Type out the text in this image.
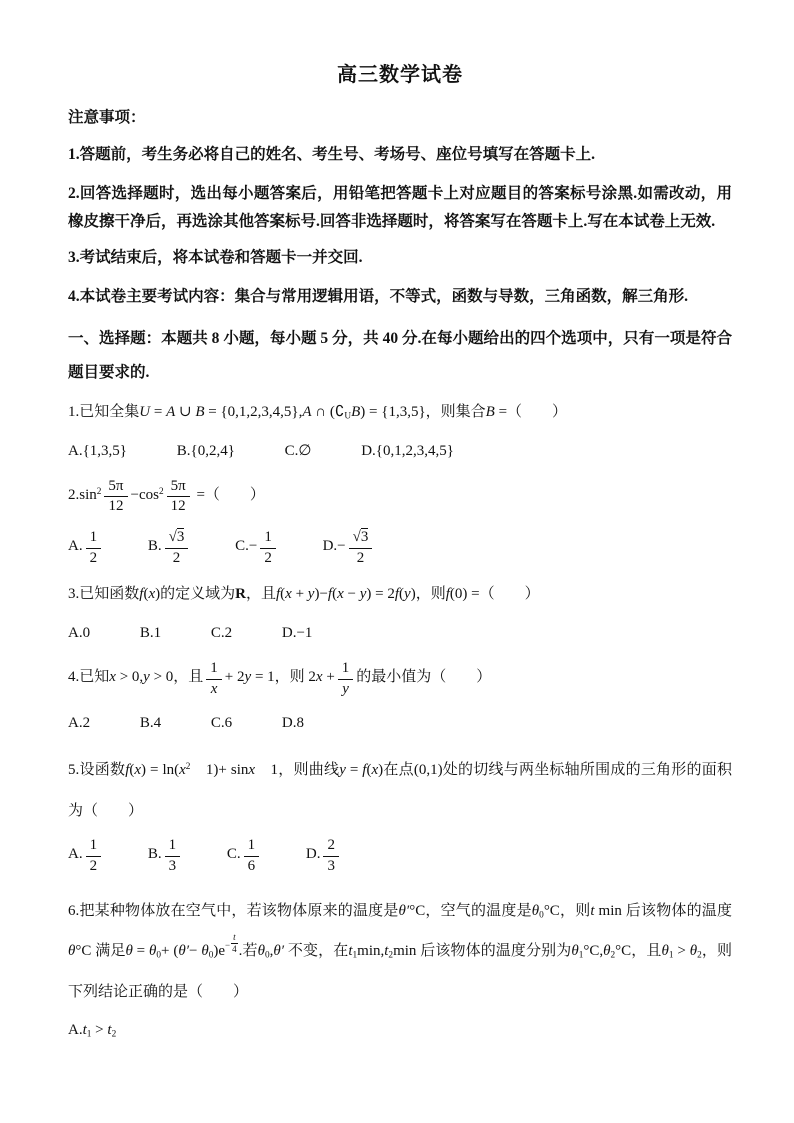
高三数学试卷

注意事项：

1.答题前，考生务必将自己的姓名、考生号、考场号、座位号填写在答题卡上.

2.回答选择题时，选出每小题答案后，用铅笔把答题卡上对应题目的答案标号涂黑.如需改动，用橡皮擦干净后，再选涂其他答案标号.回答非选择题时，将答案写在答题卡上.写在本试卷上无效.

3.考试结束后，将本试卷和答题卡一并交回.

4.本试卷主要考试内容：集合与常用逻辑用语，不等式，函数与导数，三角函数，解三角形.

一、选择题：本题共 8 小题，每小题 5 分，共 40 分.在每小题给出的四个选项中，只有一项是符合题目要求的.

1.已知全集U = A ∪ B = {0,1,2,3,4,5},A ∩ $(∁_UB) = \{1,3,5\}$，则集合B =（　　）

A.{1,3,5}	B.{0,2,4}	C.∅	D.{0,1,2,3,4,5}

$2.\sin^2 \frac{5\pi}{12} -\cos^2 \frac{5\pi}{12}$ =（　　）

A. $\frac{1}{2}$	B. $\frac{√3}{2}$	$C.- \frac{1}{2}$	$D.- \frac{√3}{2}$

3.已知函数f(x)的定义域为R，且f(x + y)−f(x − y) = 2f(y)，则f(0) =（　　）

A.0	B.1	C.2	D.−1

4.已知x > 0,y > 0，且 $\frac{1}{x} + 2y = 1$，则 $2x + \frac{1}{y}$ 的最小值为（　　）

A.2	B.4	C.6	D.8

5.设函数$f(x) = \ln(x^2$　1)+ sinx　1，则曲线y = f(x)在点(0,1)处的切线与两坐标轴所围成的三角形的面积为（　　）

A. $\frac{1}{2}$	B. $\frac{1}{3}$	C. $\frac{1}{6}$	D. $\frac{2}{3}$

6.把某种物体放在空气中，若该物体原来的温度是θ′°C，空气的温度是$\theta_0^\circ C$，则t min 后该物体的温度θ°C 满足$\theta = \theta_0+ (\theta'- \theta_0)e^{- \frac{t}{4}}$ .若$\theta_0,\theta'$ 不变，在$t_1\min,t_2\min$ 后该物体的温度分别为$\theta_1^\circ C,\theta_2^\circ C$，且$\theta_1 > \theta_2$，则下列结论正确的是（　　）

$A.t_1 > t_2$
